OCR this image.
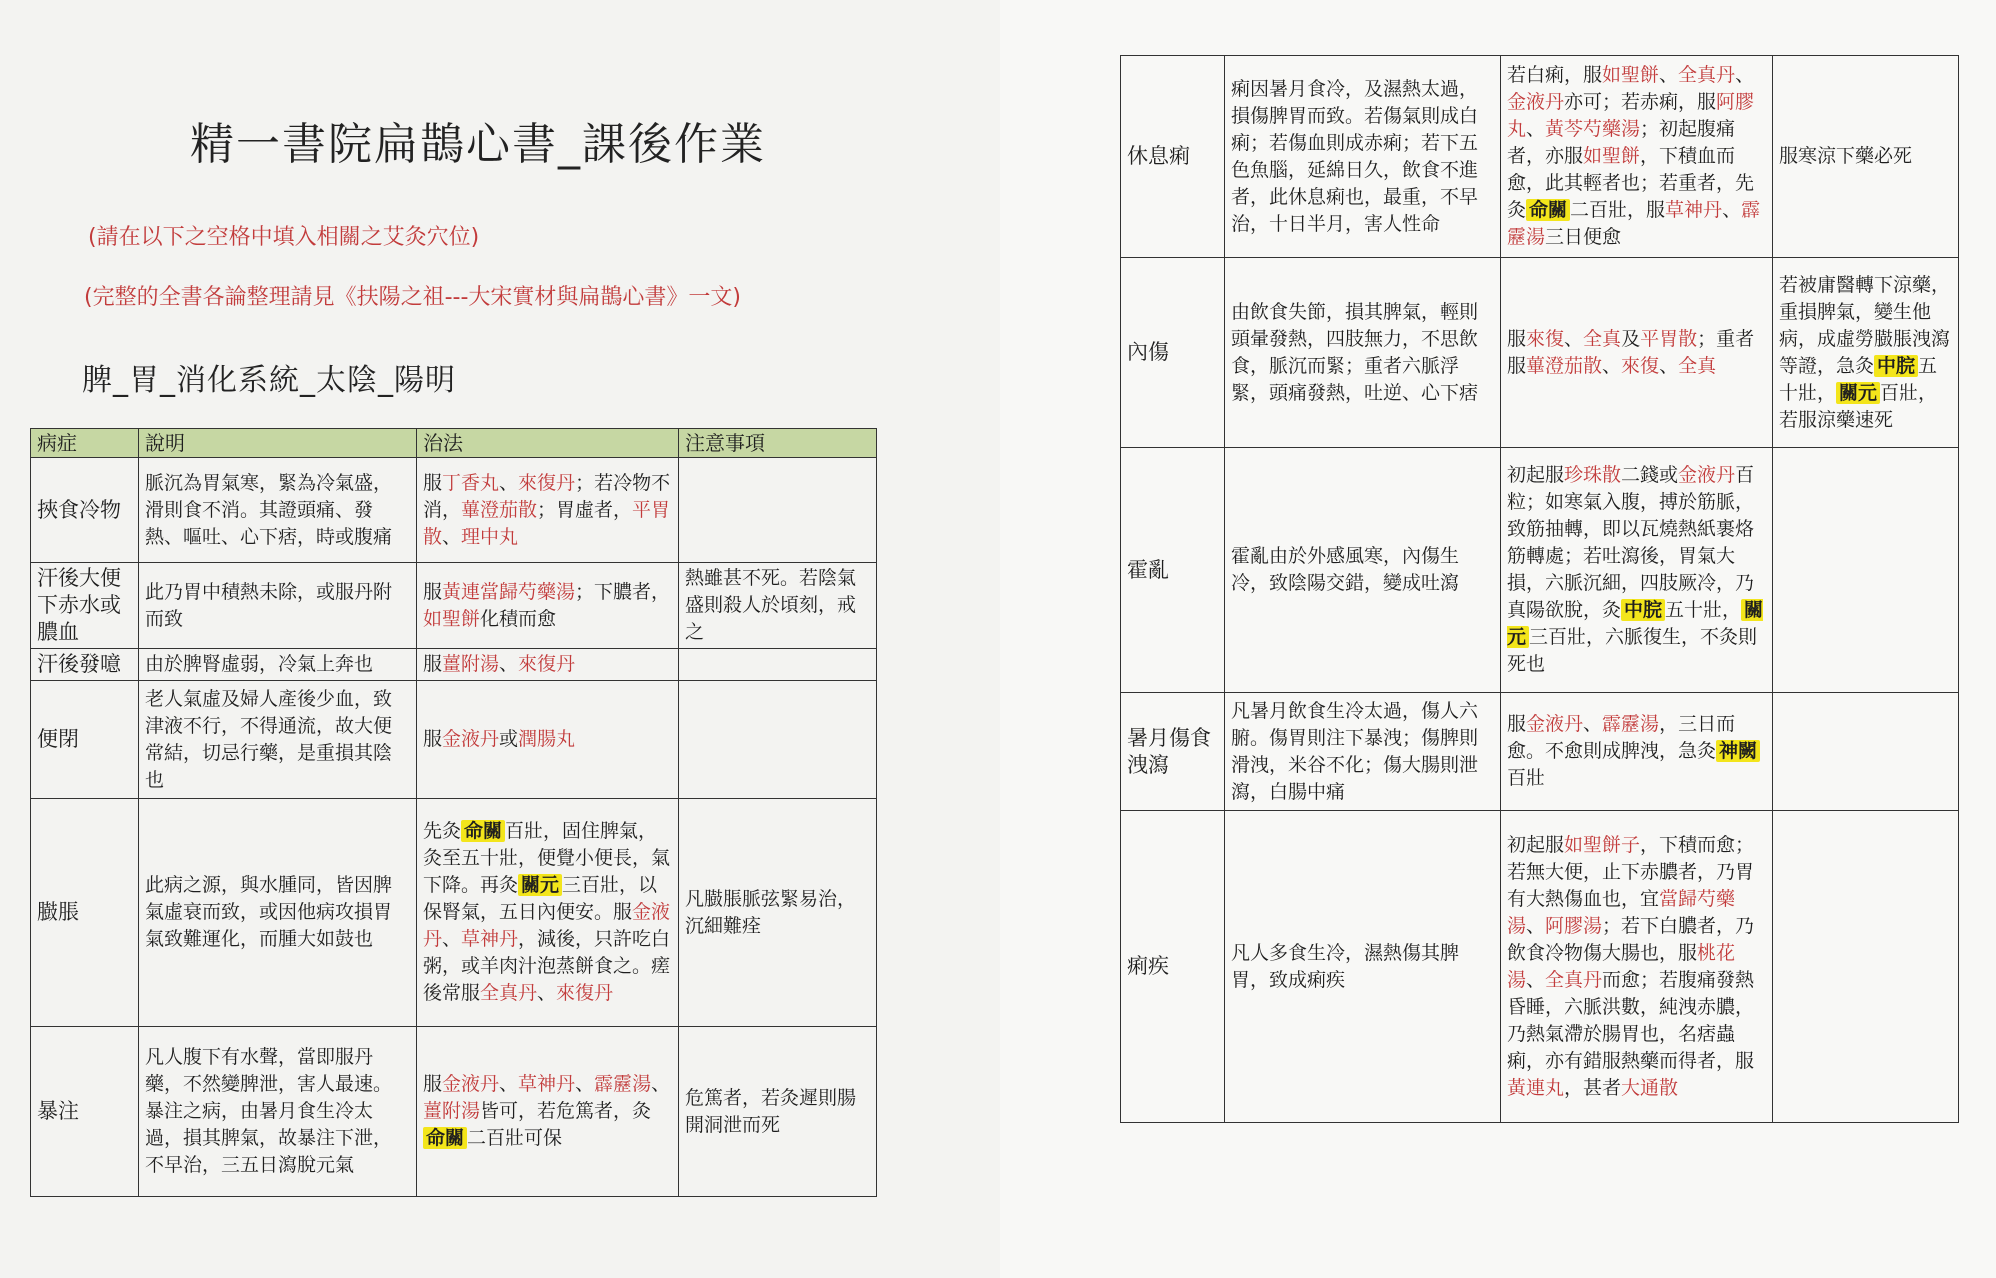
精一書院扁鵲心書_課後作業
(請在以下之空格中填入相關之艾灸穴位)
(完整的全書各論整理請見《扶陽之祖---大宋實材與扁鵲心書》一文)
脾_胃_消化系統_太陰_陽明
病症	說明	治法	注意事項
挾食冷物	脈沉為胃氣寒，緊為冷氣盛，滑則食不消。其證頭痛、發熱、嘔吐、心下痞，時或腹痛	服丁香丸、來復丹；若冷物不消，蓽澄茄散；胃虛者，平胃散、理中丸	
汗後大便下赤水或膿血	此乃胃中積熱未除，或服丹附而致	服黃連當歸芍藥湯；下膿者，如聖餅化積而愈	熱雖甚不死。若陰氣盛則殺人於頃刻，戒之
汗後發噫	由於脾腎虛弱，冷氣上奔也	服薑附湯、來復丹	
便閉	老人氣虛及婦人產後少血，致津液不行，不得通流，故大便常結，切忌行藥，是重損其陰也	服金液丹或潤腸丸	
臌脹	此病之源，與水腫同，皆因脾氣虛衰而致，或因他病攻損胃氣致難運化，而腫大如鼓也	先灸 命關 百壯，固住脾氣，灸至五十壯，便覺小便長，氣下降。再灸 關元 三百壯，以保腎氣，五日內便安。服金液丹、草神丹，減後，只許吃白粥，或羊肉汁泡蒸餅食之。瘥後常服全真丹、來復丹	凡臌脹脈弦緊易治，沉細難痊
暴注	凡人腹下有水聲，當即服丹藥，不然變脾泄，害人最速。暴注之病，由暑月食生冷太過，損其脾氣，故暴注下泄，不早治，三五日瀉脫元氣	服金液丹、草神丹、霹靂湯、薑附湯皆可，若危篤者，灸命關 二百壯可保	危篤者，若灸遲則腸開洞泄而死
休息痢	痢因暑月食冷，及濕熱太過，損傷脾胃而致。若傷氣則成白痢；若傷血則成赤痢；若下五色魚腦，延綿日久，飲食不進者，此休息痢也，最重，不早治，十日半月，害人性命	若白痢，服如聖餅、全真丹、金液丹亦可；若赤痢，服阿膠丸、黃芩芍藥湯；初起腹痛者，亦服如聖餅，下積血而愈，此其輕者也；若重者，先灸 命關 二百壯，服草神丹、霹靂湯三日便愈	服寒涼下藥必死
內傷	由飲食失節，損其脾氣，輕則頭暈發熱，四肢無力，不思飲食，脈沉而緊；重者六脈浮緊，頭痛發熱，吐逆、心下痞	服來復、全真及平胃散；重者服蓽澄茄散、來復、全真	若被庸醫轉下涼藥，重損脾氣，變生他病，成虛勞臌脹洩瀉等證，急灸 中脘 五十壯， 關元 百壯，若服涼藥速死
霍亂	霍亂由於外感風寒，內傷生冷，致陰陽交錯，變成吐瀉	初起服珍珠散二錢或金液丹百粒；如寒氣入腹，搏於筋脈，致筋抽轉，即以瓦燒熱紙裹烙筋轉處；若吐瀉後，胃氣大損，六脈沉細，四肢厥冷，乃真陽欲脫，灸 中脘 五十壯， 關元 三百壯，六脈復生，不灸則死也	
暑月傷食洩瀉	凡暑月飲食生冷太過，傷人六腑。傷胃則注下暴洩；傷脾則滑洩，米谷不化；傷大腸則泄瀉，白腸中痛	服金液丹、霹靂湯，三日而愈。不愈則成脾洩，急灸 神闕百壯	
痢疾	凡人多食生冷，濕熱傷其脾胃，致成痢疾	初起服如聖餅子，下積而愈；若無大便，止下赤膿者，乃胃有大熱傷血也，宜當歸芍藥湯、阿膠湯；若下白膿者，乃飲食冷物傷大腸也，服桃花湯、全真丹而愈；若腹痛發熱昏睡，六脈洪數，純洩赤膿，乃熱氣滯於腸胃也，名痞蟲痢，亦有錯服熱藥而得者，服黃連丸，甚者大通散	
